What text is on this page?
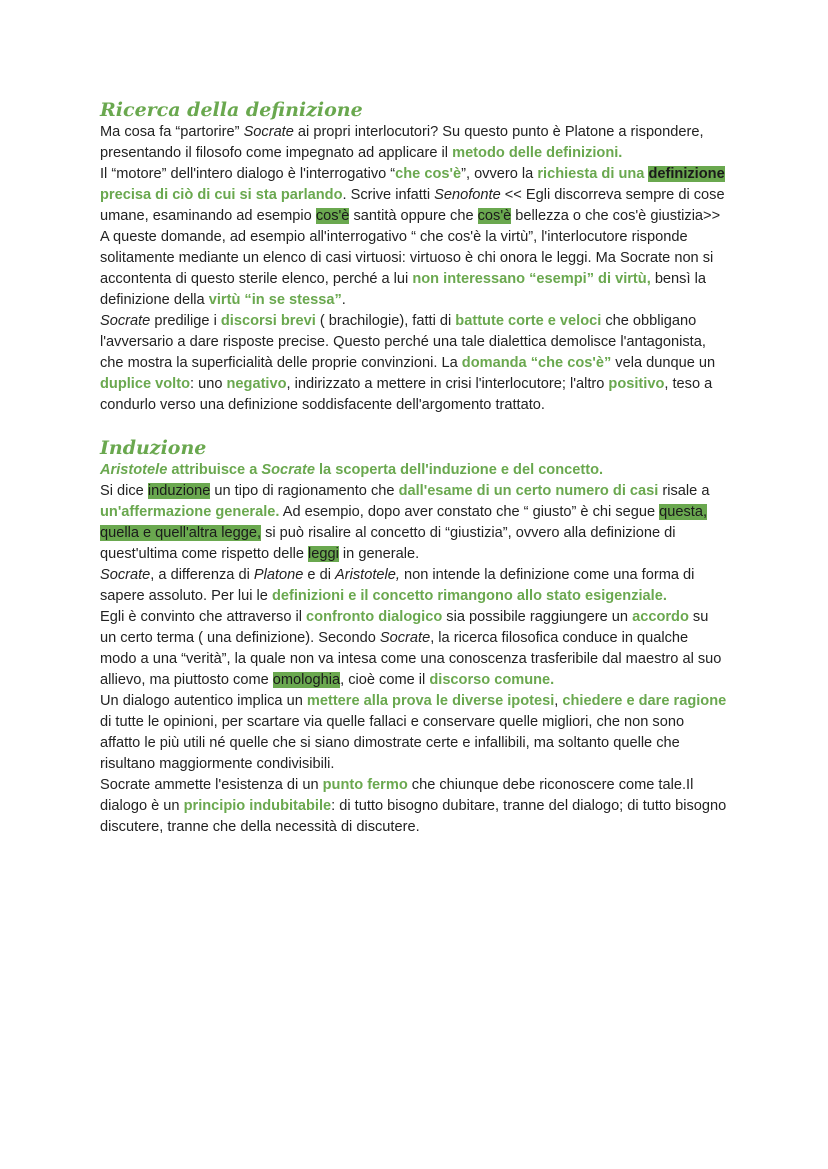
Ricerca della definizione

Ma cosa fa “partorire” Socrate ai propri interlocutori? Su questo punto è Platone a rispondere, presentando il filosofo come impegnato ad applicare il metodo delle definizioni.

Il “motore” dell'intero dialogo è l'interrogativo “che cos'è”, ovvero la richiesta di una definizione precisa di ciò di cui si sta parlando. Scrive infatti Senofonte << Egli discorreva sempre di cose umane, esaminando ad esempio cos'è santità oppure che cos'è bellezza o che cos'è giustizia>>

A queste domande, ad esempio all'interrogativo “ che cos'è la virtù”, l'interlocutore risponde solitamente mediante un elenco di casi virtuosi: virtuoso è chi onora le leggi. Ma Socrate non si accontenta di questo sterile elenco, perché a lui non interessano “esempi” di virtù, bensì la definizione della virtù “in se stessa”.

Socrate predilige i discorsi brevi ( brachilogie), fatti di battute corte e veloci che obbligano l'avversario a dare risposte precise. Questo perché una tale dialettica demolisce l'antagonista, che mostra la superficialità delle proprie convinzioni. La domanda “che cos'è” vela dunque un duplice volto: uno negativo, indirizzato a mettere in crisi l'interlocutore; l'altro positivo, teso a condurlo verso una definizione soddisfacente dell'argomento trattato.

Induzione

Aristotele attribuisce a Socrate la scoperta dell'induzione e del concetto.

Si dice induzione un tipo di ragionamento che dall'esame di un certo numero di casi risale a un'affermazione generale. Ad esempio, dopo aver constato che “ giusto” è chi segue questa, quella e quell'altra legge, si può risalire al concetto di “giustizia”, ovvero alla definizione di quest'ultima come rispetto delle leggi in generale.

Socrate, a differenza di Platone e di Aristotele, non intende la definizione come una forma di sapere assoluto. Per lui le definizioni e il concetto rimangono allo stato esigenziale.

Egli è convinto che attraverso il confronto dialogico sia possibile raggiungere un accordo su un certo terma ( una definizione). Secondo Socrate, la ricerca filosofica conduce in qualche modo a una “verità”, la quale non va intesa come una conoscenza trasferibile dal maestro al suo allievo, ma piuttosto come omologhia, cioè come il discorso comune.

Un dialogo autentico implica un mettere alla prova le diverse ipotesi, chiedere e dare ragione di tutte le opinioni, per scartare via quelle fallaci e conservare quelle migliori, che non sono affatto le più utili né quelle che si siano dimostrate certe e infallibili, ma soltanto quelle che risultano maggiormente condivisibili.

Socrate ammette l'esistenza di un punto fermo che chiunque debe riconoscere come tale.Il dialogo è un principio indubitabile: di tutto bisogno dubitare, tranne del dialogo; di tutto bisogno discutere, tranne che della necessità di discutere.
